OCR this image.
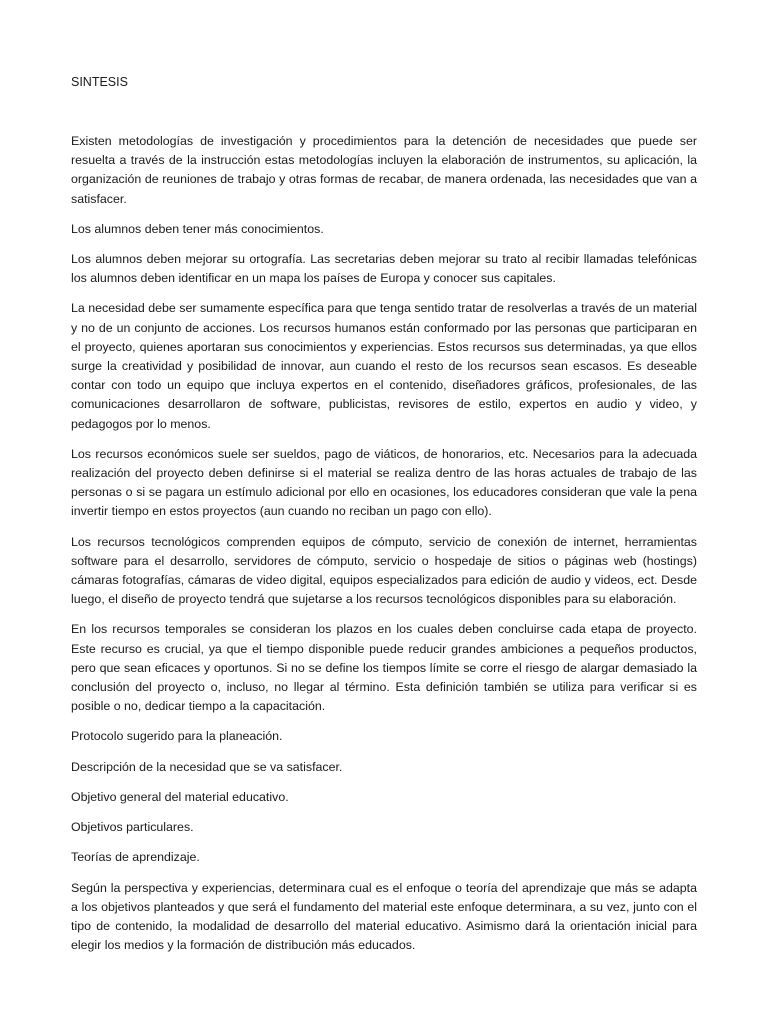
SINTESIS

Existen metodologías de investigación y procedimientos para la detención de necesidades que puede ser resuelta a través de la instrucción estas metodologías incluyen la elaboración de instrumentos, su aplicación, la organización de reuniones de trabajo y otras formas de recabar, de manera ordenada, las necesidades que van a satisfacer.

Los alumnos deben tener más conocimientos.

Los alumnos deben mejorar su ortografía. Las secretarias deben mejorar su trato al recibir llamadas telefónicas los alumnos deben identificar en un mapa los países de Europa y conocer sus capitales.

La necesidad debe ser sumamente específica para que tenga sentido tratar de resolverlas a través de un material y no de un conjunto de acciones. Los recursos humanos están conformado por las personas que participaran en el proyecto, quienes aportaran sus conocimientos y experiencias. Estos recursos sus determinadas, ya que ellos surge la creatividad y posibilidad de innovar, aun cuando el resto de los recursos sean escasos. Es deseable contar con todo un equipo que incluya expertos en el contenido, diseñadores gráficos, profesionales, de las comunicaciones desarrollaron de software, publicistas, revisores de estilo, expertos en audio y video, y pedagogos por lo menos.

Los recursos económicos suele ser sueldos, pago de viáticos, de honorarios, etc. Necesarios para la adecuada realización del proyecto deben definirse si el material se realiza dentro de las horas actuales de trabajo de las personas o si se pagara un estímulo adicional por ello en ocasiones, los educadores consideran que vale la pena invertir tiempo en estos proyectos (aun cuando no reciban un pago con ello).

Los recursos tecnológicos comprenden equipos de cómputo, servicio de conexión de internet, herramientas software para el desarrollo, servidores de cómputo, servicio o hospedaje de sitios o páginas web (hostings) cámaras fotografías, cámaras de video digital, equipos especializados para edición de audio y videos, ect. Desde luego, el diseño de proyecto tendrá que sujetarse a los recursos tecnológicos disponibles para su elaboración.

En los recursos temporales se consideran los plazos en los cuales deben concluirse cada etapa de proyecto. Este recurso es crucial, ya que el tiempo disponible puede reducir grandes ambiciones a pequeños productos, pero que sean eficaces y oportunos. Si no se define los tiempos límite se corre el riesgo de alargar demasiado la conclusión del proyecto o, incluso, no llegar al término. Esta definición también se utiliza para verificar si es posible o no, dedicar tiempo a la capacitación.

Protocolo sugerido para la planeación.

Descripción de la necesidad que se va satisfacer.

Objetivo general del material educativo.

Objetivos particulares.

Teorías de aprendizaje.

Según la perspectiva y experiencias, determinara cual es el enfoque o teoría del aprendizaje que más se adapta a los objetivos planteados y que será el fundamento del material este enfoque determinara, a su vez, junto con el tipo de contenido, la modalidad de desarrollo del material educativo. Asimismo dará la orientación inicial para elegir los medios y la formación de distribución más educados.
